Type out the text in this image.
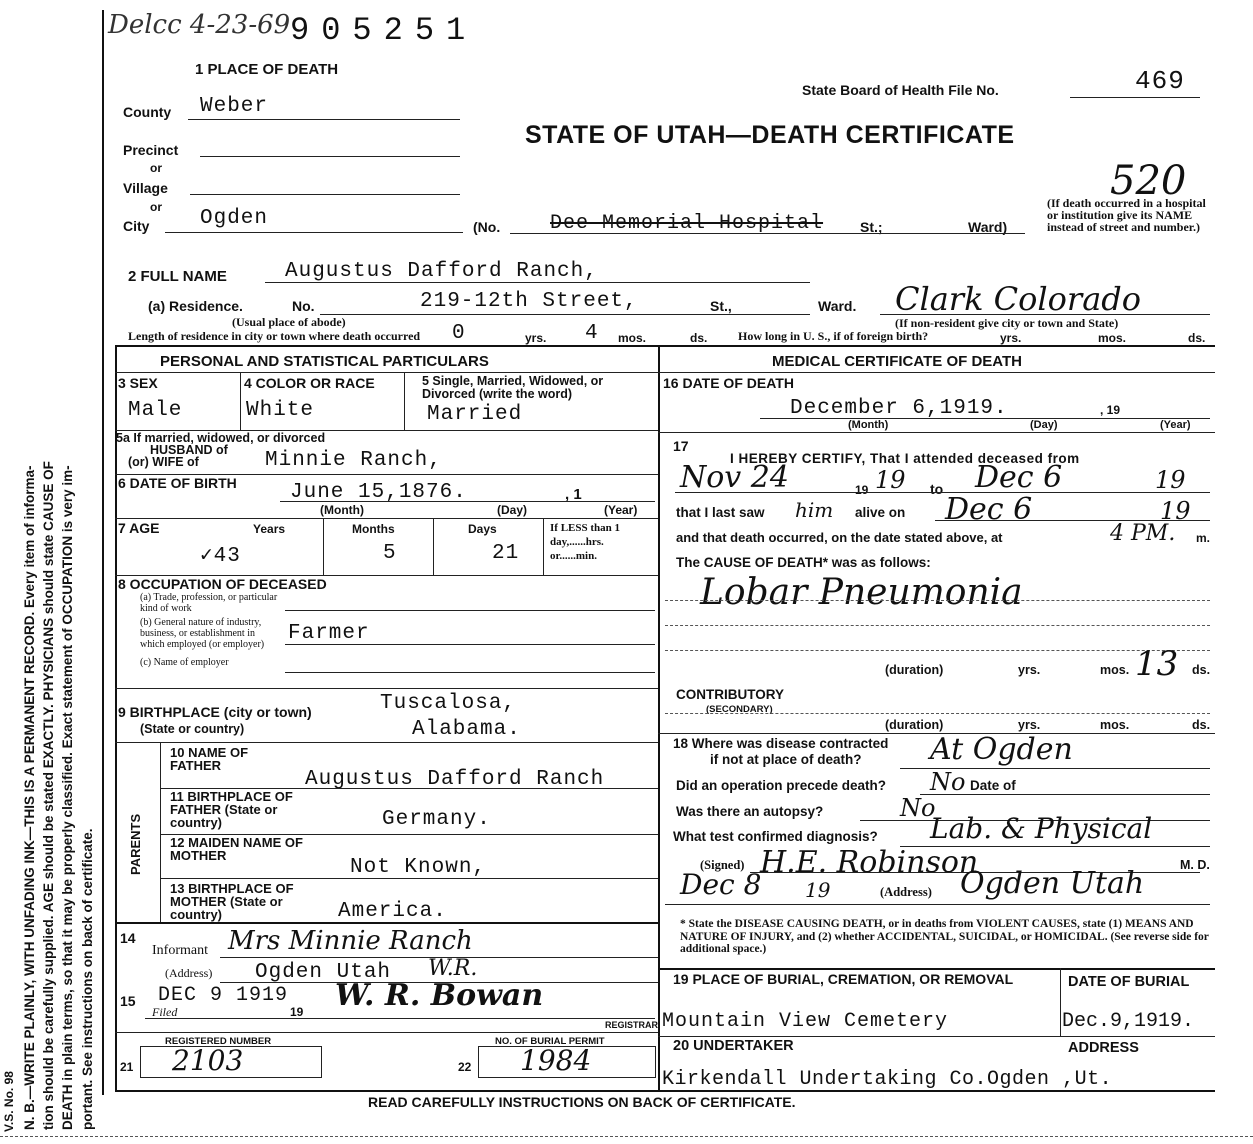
V.S. No. 98 N. B.—WRITE PLAINLY, WITH UNFADING INK—THIS IS A PERMANENT RECORD. Every item of informa- tion should be carefully supplied. AGE should be stated EXACTLY. PHYSICIANS should state CAUSE OF DEATH in plain terms, so that it may be properly classified. Exact statement of OCCUPATION is very im- portant. See instructions on back of certificate.
Delcc 4-23-69 905251
1 PLACE OF DEATH
State Board of Health File No.	469
STATE OF UTAH—DEATH CERTIFICATE
520
County Weber
Precinct
or
Village
or
City Ogden	(No. Dee Memorial Hospital	St.;	Ward)
(If death occurred in a hospital or institution give its NAME instead of street and number.)
2 FULL NAME	Augustus Dafford Ranch,
(a) Residence.	No.	219-12th Street,	St.,	Ward. Clark Colorado
(Usual place of abode)	(If non-resident give city or town and State)
Length of residence in city or town where death occurred 0	yrs. 4 mos.	ds.	How long in U. S., if of foreign birth?	yrs.	mos.	ds.
PERSONAL AND STATISTICAL PARTICULARS
3 SEX
Male
4 COLOR OR RACE
White
5 Single, Married, Widowed, or Divorced (write the word)
Married
5a If married, widowed, or divorced
HUSBAND of
(or) WIFE of	Minnie Ranch,
6 DATE OF BIRTH	June 15,1876.	, 1
(Month)	(Day)	(Year)
7 AGE	Years	Months	Days	If LESS than 1 day,......hrs. or......min.
✓43	5	21
8 OCCUPATION OF DECEASED
(a) Trade, profession, or particular kind of work
(b) General nature of industry, business, or establishment in which employed (or employer)
(c) Name of employer
Farmer
9 BIRTHPLACE (city or town)
(State or country)
Tuscalosa,
Alabama.
PARENTS
10 NAME OF FATHER
Augustus Dafford Ranch
11 BIRTHPLACE OF FATHER (State or country)	Germany.
12 MAIDEN NAME OF MOTHER
Not Known,
13 BIRTHPLACE OF MOTHER (State or country)	America.
14
Informant Mrs Minnie Ranch
(Address) Ogden Utah W.R.
15 DEC 9 1919
Filed	19 W. R. Bowan
REGISTRAR
REGISTERED NUMBER
21 2103
NO. OF BURIAL PERMIT
22 1984
MEDICAL CERTIFICATE OF DEATH
16 DATE OF DEATH
December 6,1919.	, 19
(Month)	(Day)	(Year)
17
I HEREBY CERTIFY, That I attended deceased from
Nov 24	19 19 to Dec 6	19
that I last saw him alive on Dec 6	19
and that death occurred, on the date stated above, at	4 PM. m.
The CAUSE OF DEATH* was as follows:
Lobar Pneumonia
(duration)	yrs.	mos. 13 ds.
CONTRIBUTORY
(SECONDARY)
(duration)	yrs.	mos.	ds.
18 Where was disease contracted
if not at place of death? At Ogden
Did an operation precede death? No Date of
Was there an autopsy?	No
What test confirmed diagnosis? Lab. & Physical
(Signed) H.E. Robinson	M. D.
Dec 8 19	(Address) Ogden Utah
* State the DISEASE CAUSING DEATH, or in deaths from VIOLENT CAUSES, state (1) MEANS AND NATURE OF INJURY, and (2) whether ACCIDENTAL, SUICIDAL, or HOMICIDAL. (See reverse side for additional space.)
19 PLACE OF BURIAL, CREMATION, OR REMOVAL
Mountain View Cemetery
DATE OF BURIAL
Dec.9,1919.
20 UNDERTAKER	ADDRESS
Kirkendall Undertaking Co.Ogden ,Ut.
READ CAREFULLY INSTRUCTIONS ON BACK OF CERTIFICATE.
